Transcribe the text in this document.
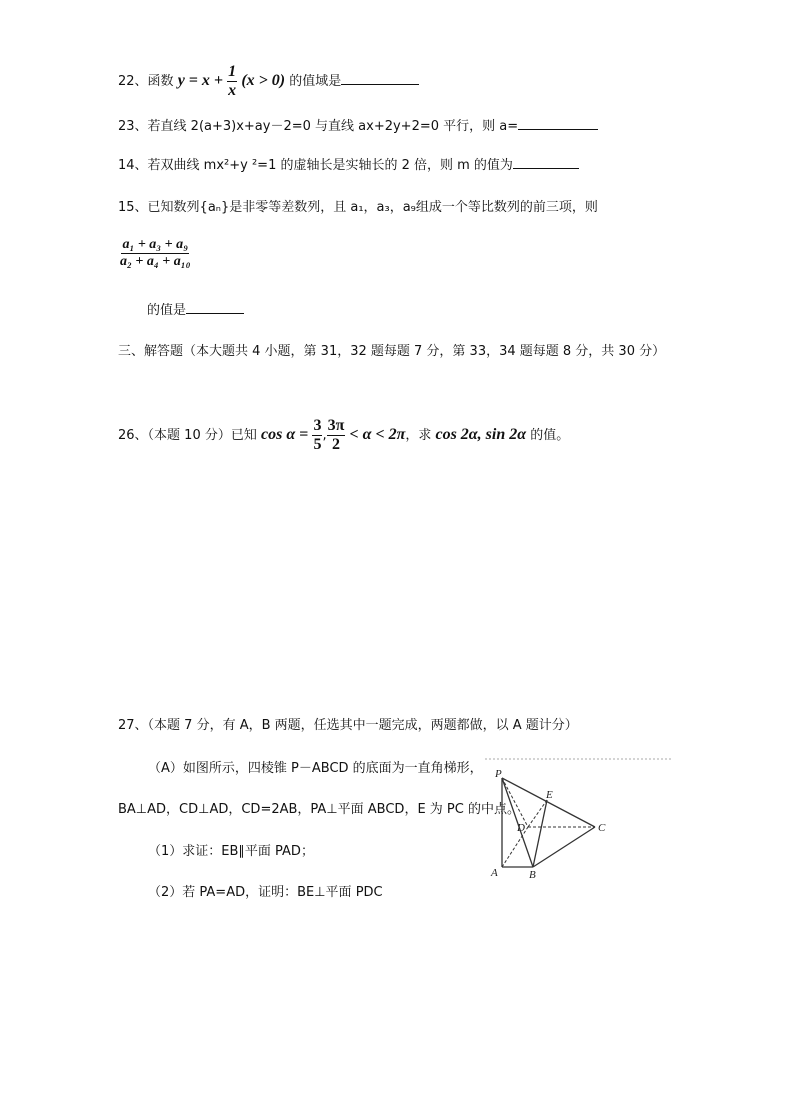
22、函数 $y = x + \frac{1}{x} (x > 0)$ 的值域是
23、若直线 2(a+3)x+ay－2=0 与直线 ax+2y+2=0 平行，则 a=
14、若双曲线 mx²+y ²=1 的虚轴长是实轴长的 2 倍，则 m 的值为
15、已知数列{aₙ}是非零等差数列，且 a₁，a₃，a₉组成一个等比数列的前三项，则
$\frac{\text{a₁ + a₃ + a₉}}{\text{a₂ + a₄ + a₁₀}}$
的值是
三、解答题（本大题共 4 小题，第 31，32 题每题 7 分，第 33，34 题每题 8 分，共 30 分）
26、（本题 10 分）已知 $\cos \alpha = \frac{3}{5}$ , $\frac{3\pi}{2} < \alpha < 2\pi$，求 cos 2α, sin 2α 的值。
27、（本题 7 分，有 A，B 两题，任选其中一题完成，两题都做，以 A 题计分）
（A）如图所示，四棱锥 P－ABCD 的底面为一直角梯形，
BA⊥AD，CD⊥AD，CD=2AB，PA⊥平面 ABCD，E 为 PC 的中点。
（1）求证：EB∥平面 PAD；
（2）若 PA=AD，证明：BE⊥平面 PDC
P
E
D	C
A	B
